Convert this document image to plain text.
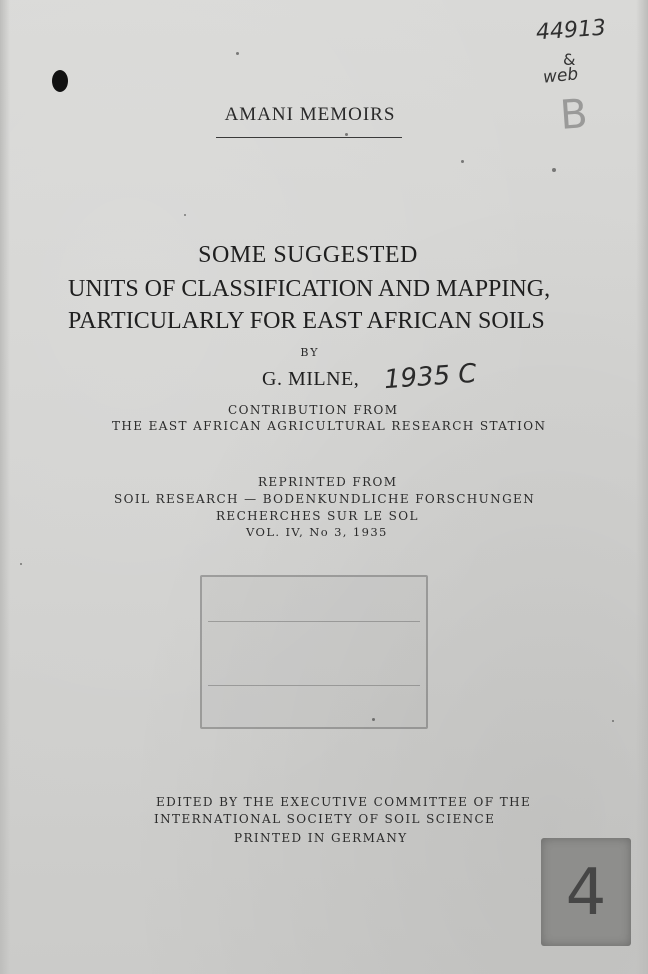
44913
&
web
B
AMANI MEMOIRS
SOME SUGGESTED
UNITS OF CLASSIFICATION AND MAPPING,
PARTICULARLY FOR EAST AFRICAN SOILS
BY
G. MILNE, 1935 C
CONTRIBUTION FROM
THE EAST AFRICAN AGRICULTURAL RESEARCH STATION
REPRINTED FROM
SOIL RESEARCH — BODENKUNDLICHE FORSCHUNGEN
RECHERCHES SUR LE SOL
VOL. IV, No 3, 1935
EDITED BY THE EXECUTIVE COMMITTEE OF THE
INTERNATIONAL SOCIETY OF SOIL SCIENCE
PRINTED IN GERMANY
4
